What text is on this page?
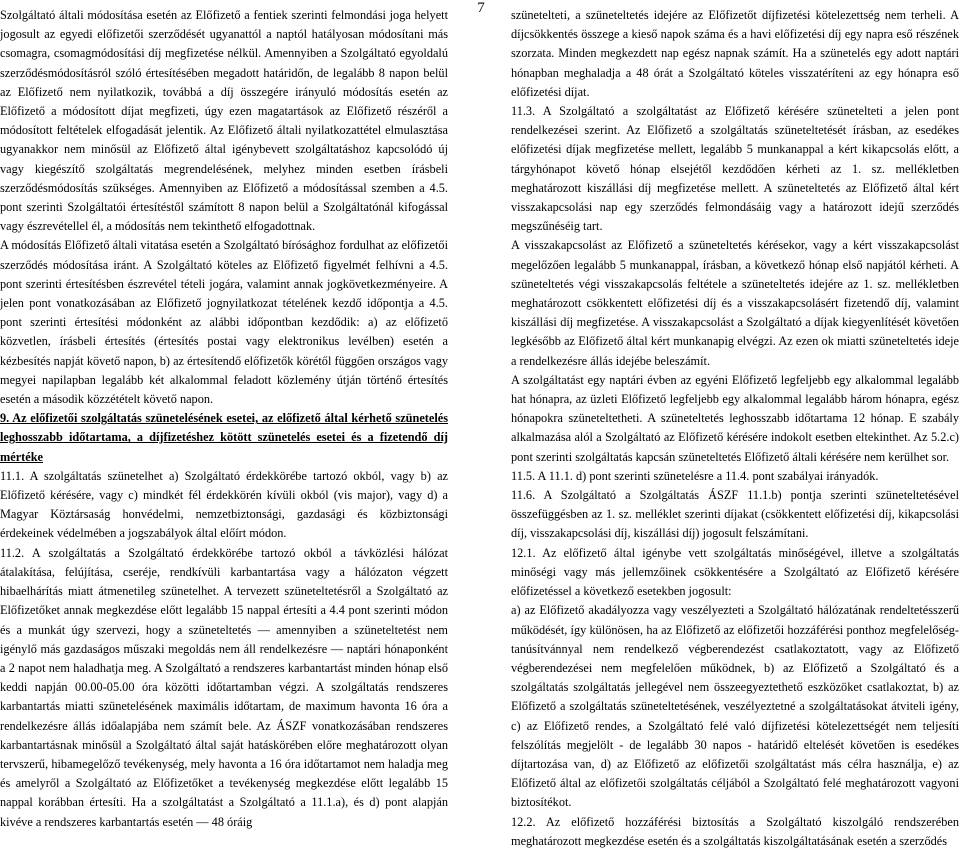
7

Szolgáltató általi módosítása esetén az Előfizető a fentiek szerinti felmondási joga helyett jogosult az egyedi előfizetői szerződését ugyanattól a naptól hatályosan módosítani más csomagra, csomagmódosítási díj megfizetése nélkül. Amennyiben a Szolgáltató egyoldalú szerződésmódosításról szóló értesítésében megadott határidőn, de legalább 8 napon belül az Előfizető nem nyilatkozik, továbbá a díj összegére irányuló módosítás esetén az Előfizető a módosított díjat megfizeti, úgy ezen magatartások az Előfizető részéről a módosított feltételek elfogadását jelentik. Az Előfizető általi nyilatkozattétel elmulasztása ugyanakkor nem minősül az Előfizető által igénybevett szolgáltatáshoz kapcsolódó új vagy kiegészítő szolgáltatás megrendelésének, melyhez minden esetben írásbeli szerződésmódosítás szükséges. Amennyiben az Előfizető a módosítással szemben a 4.5. pont szerinti Szolgáltatói értesítéstől számított 8 napon belül a Szolgáltatónál kifogással vagy észrevétellel él, a módosítás nem tekinthető elfogadottnak.

A módosítás Előfizető általi vitatása esetén a Szolgáltató bírósághoz fordulhat az előfizetői szerződés módosítása iránt. A Szolgáltató köteles az Előfizető figyelmét felhívni a 4.5. pont szerinti értesítésben észrevétel tételi jogára, valamint annak jogkövetkezményeire. A jelen pont vonatkozásában az Előfizető jognyilatkozat tételének kezdő időpontja a 4.5. pont szerinti értesítési módonként az alábbi időpontban kezdődik: a) az előfizető közvetlen, írásbeli értesítés (értesítés postai vagy elektronikus levélben) esetén a kézbesítés napját követő napon, b) az értesítendő előfizetők körétől függően országos vagy megyei napilapban legalább két alkalommal feladott közlemény útján történő értesítés esetén a második közzétételt követő napon.

9. Az előfizetői szolgáltatás szünetelésének esetei, az előfizető által kérhető szünetelés leghosszabb időtartama, a díjfizetéshez kötött szünetelés esetei és a fizetendő díj mértéke

11.1. A szolgáltatás szünetelhet a) Szolgáltató érdekkörébe tartozó okból, vagy b) az Előfizető kérésére, vagy c) mindkét fél érdekkörén kívüli okból (vis major), vagy d) a Magyar Köztársaság honvédelmi, nemzetbiztonsági, gazdasági és közbiztonsági érdekeinek védelmében a jogszabályok által előírt módon.

11.2. A szolgáltatás a Szolgáltató érdekkörébe tartozó okból a távközlési hálózat átalakítása, felújítása, cseréje, rendkívüli karbantartása vagy a hálózaton végzett hibaelhárítás miatt átmenetileg szünetelhet. A tervezett szüneteltetésről a Szolgáltató az Előfizetőket annak megkezdése előtt legalább 15 nappal értesíti a 4.4 pont szerinti módon és a munkát úgy szervezi, hogy a szüneteltetés — amennyiben a szüneteltetést nem igénylő más gazdaságos műszaki megoldás nem áll rendelkezésre — naptári hónaponként a 2 napot nem haladhatja meg. A Szolgáltató a rendszeres karbantartást minden hónap első keddi napján 00.00-05.00 óra közötti időtartamban végzi. A szolgáltatás rendszeres karbantartás miatti szünetelésének maximális időtartam, de maximum havonta 16 óra a rendelkezésre állás időalapjába nem számít bele. Az ÁSZF vonatkozásában rendszeres karbantartásnak minősül a Szolgáltató által saját hatáskörében előre meghatározott olyan tervszerű, hibamegelőző tevékenység, mely havonta a 16 óra időtartamot nem haladja meg és amelyről a Szolgáltató az Előfizetőket a tevékenység megkezdése előtt legalább 15 nappal korábban értesíti. Ha a szolgáltatást a Szolgáltató a 11.1.a), és d) pont alapján kivéve a rendszeres karbantartás esetén — 48 óráig

szünetelteti, a szüneteltetés idejére az Előfizetőt díjfizetési kötelezettség nem terheli. A díjcsökkentés összege a kieső napok száma és a havi előfizetési díj egy napra eső részének szorzata. Minden megkezdett nap egész napnak számít. Ha a szünetelés egy adott naptári hónapban meghaladja a 48 órát a Szolgáltató köteles visszatéríteni az egy hónapra eső előfizetési díjat.

11.3. A Szolgáltató a szolgáltatást az Előfizető kérésére szünetelteti a jelen pont rendelkezései szerint. Az Előfizető a szolgáltatás szüneteltetését írásban, az esedékes előfizetési díjak megfizetése mellett, legalább 5 munkanappal a kért kikapcsolás előtt, a tárgyhónapot követő hónap elsejétől kezdődően kérheti az 1. sz. mellékletben meghatározott kiszállási díj megfizetése mellett. A szüneteltetés az Előfizető által kért visszakapcsolási nap egy szerződés felmondásáig vagy a határozott idejű szerződés megszűnéséig tart.

A visszakapcsolást az Előfizető a szüneteltetés kérésekor, vagy a kért visszakapcsolást megelőzően legalább 5 munkanappal, írásban, a következő hónap első napjától kérheti. A szüneteltetés végi visszakapcsolás feltétele a szüneteltetés idejére az 1. sz. mellékletben meghatározott csökkentett előfizetési díj és a visszakapcsolásért fizetendő díj, valamint kiszállási díj megfizetése. A visszakapcsolást a Szolgáltató a díjak kiegyenlítését követően legkésőbb az Előfizető által kért munkanapig elvégzi. Az ezen ok miatti szüneteltetés ideje a rendelkezésre állás idejébe beleszámít.

A szolgáltatást egy naptári évben az egyéni Előfizető legfeljebb egy alkalommal legalább hat hónapra, az üzleti Előfizető legfeljebb egy alkalommal legalább három hónapra, egész hónapokra szüneteltetheti. A szüneteltetés leghosszabb időtartama 12 hónap. E szabály alkalmazása alól a Szolgáltató az Előfizető kérésére indokolt esetben eltekinthet. Az 5.2.c) pont szerinti szolgáltatás kapcsán szüneteltetés Előfizető általi kérésére nem kerülhet sor.

11.5. A 11.1. d) pont szerinti szünetelésre a 11.4. pont szabályai irányadók.

11.6. A Szolgáltató a Szolgáltatás ÁSZF 11.1.b) pontja szerinti szüneteltetésével összefüggésben az 1. sz. melléklet szerinti díjakat (csökkentett előfizetési díj, kikapcsolási díj, visszakapcsolási díj, kiszállási díj) jogosult felszámítani.

12.1. Az előfizető által igénybe vett szolgáltatás minőségével, illetve a szolgáltatás minőségi vagy más jellemzőinek csökkentésére a Szolgáltató az Előfizető kérésére előfizetéssel a következő esetekben jogosult:

a) az Előfizető akadályozza vagy veszélyezteti a Szolgáltató hálózatának rendeltetésszerű működését, így különösen, ha az Előfizető az előfizetői hozzáférési ponthoz megfelelőség-tanúsítvánnyal nem rendelkező végberendezést csatlakoztatott, vagy az Előfizető végberendezései nem megfelelően működnek, b) az Előfizető a Szolgáltató és a szolgáltatás szolgáltatás jellegével nem összeegyeztethető eszközöket csatlakoztat, b) az Előfizető a szolgáltatás szüneteltetésének, veszélyeztetné a szolgáltatásokat átviteli igény, c) az Előfizető rendes, a Szolgáltató felé való díjfizetési kötelezettségét nem teljesíti felszólítás megjelölt - de legalább 30 napos - határidő eltelését követően is esedékes díjtartozása van, d) az Előfizető az előfizetői szolgáltatást más célra használja, e) az Előfizető által az előfizetői szolgáltatás céljából a Szolgáltató felé meghatározott vagyoni biztosítékot.

12.2. Az előfizető hozzáférési biztosítás a Szolgáltató kiszolgáló rendszerében meghatározott megkezdése esetén és a szolgáltatás kiszolgáltatásának esetén a szerződés
